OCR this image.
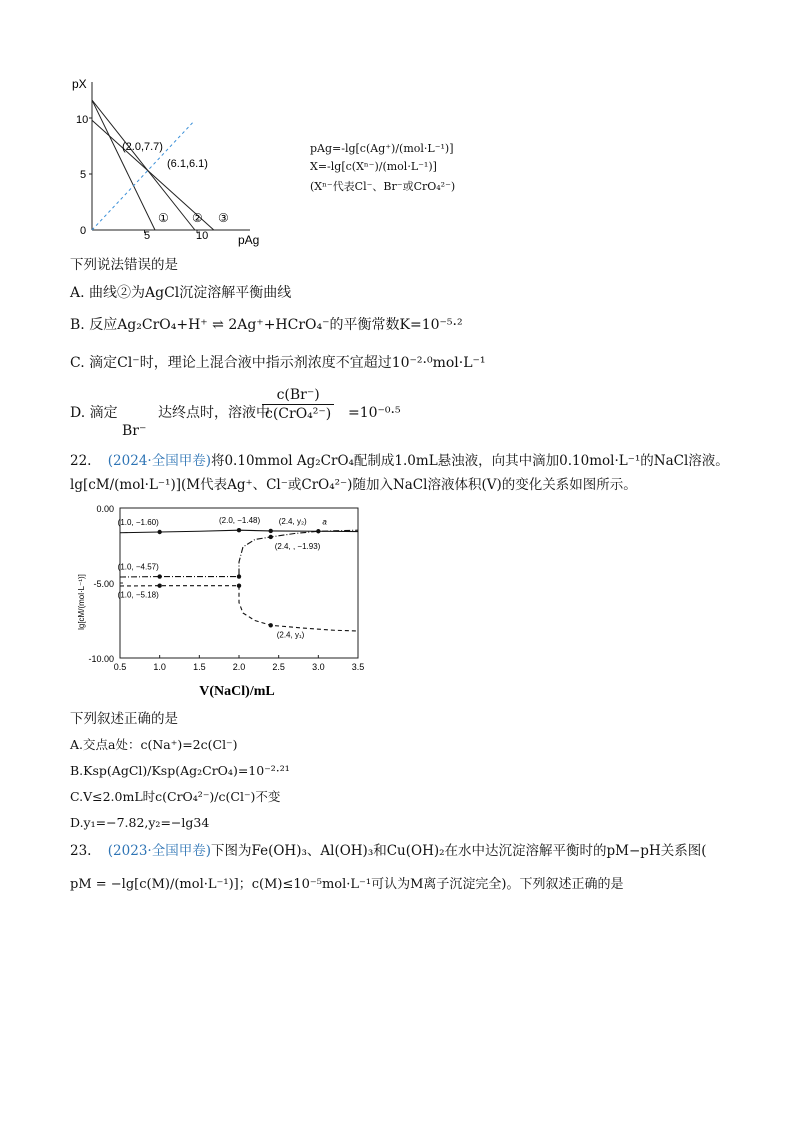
pX
pAg
0
5
10
5	10
(2.0,7.7)
(6.1,6.1)
① ② ③
pAg=-lg[c(Ag⁺)/(mol·L⁻¹)]
X=-lg[c(Xⁿ⁻)/(mol·L⁻¹)]
(Xⁿ⁻代表Cl⁻、Br⁻或CrO₄²⁻)
下列说法错误的是
A. 曲线②为AgCl沉淀溶解平衡曲线
B. 反应Ag₂CrO₄+H⁺ ⇌ 2Ag⁺+HCrO₄⁻的平衡常数K=10⁻⁵·²
C. 滴定Cl⁻时，理论上混合液中指示剂浓度不宜超过10⁻²·⁰mol·L⁻¹
D. 滴定
Br⁻
达终点时，溶液中
c(Br⁻)
c(CrO₄²⁻) =10⁻⁰·⁵
22. (2024·全国甲卷)将0.10mmol Ag₂CrO₄配制成1.0mL悬浊液，向其中滴加0.10mol·L⁻¹的NaCl溶液。
lg[cM/(mol·L⁻¹)](M代表Ag⁺、Cl⁻或CrO₄²⁻)随加入NaCl溶液体积(V)的变化关系如图所示。
0.5	1.0	1.5	2.0	2.5	3.0	3.5
(1.0, −1.60)	(2.0, −1.48) (2.4, y₂) a
(2.4, , −1.93)
(1.0, −4.57)
(1.0, −5.18)
(2.4, y₁)
lg[cM/(mol·L⁻¹)]
0.00
-5.00
-10.00
V(NaCl)/mL
下列叙述正确的是
A.交点a处：c(Na⁺)=2c(Cl⁻)
B.Ksp(AgCl)/Ksp(Ag₂CrO₄)=10⁻²·²¹
C.V≤2.0mL时c(CrO₄²⁻)/c(Cl⁻)不变
D.y₁=−7.82,y₂=−lg34
23. (2023·全国甲卷)下图为Fe(OH)₃、Al(OH)₃和Cu(OH)₂在水中达沉淀溶解平衡时的pM−pH关系图(
pM = −lg[c(M)/(mol·L⁻¹)]；c(M)≤10⁻⁵mol·L⁻¹可认为M离子沉淀完全)。下列叙述正确的是
